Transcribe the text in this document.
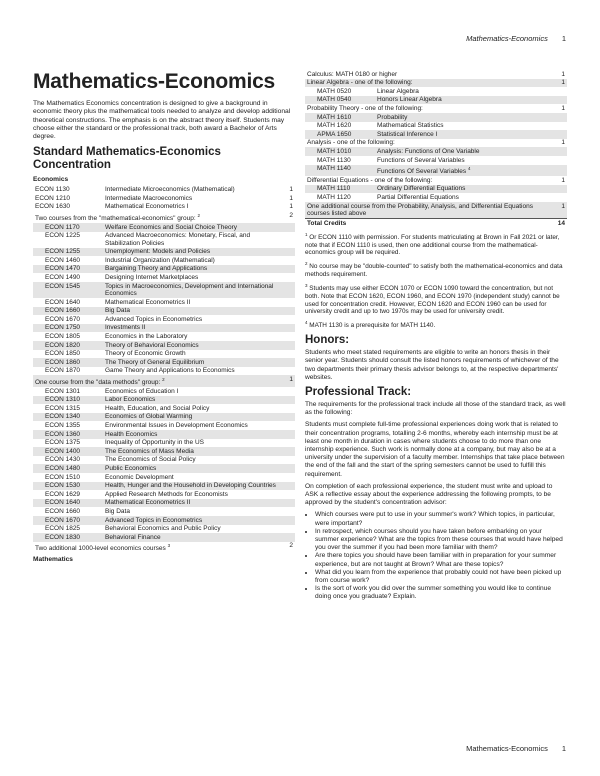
Mathematics-Economics 1
Mathematics-Economics

The Mathematics Economics concentration is designed to give a background in economic theory plus the mathematical tools needed to analyze and develop additional theoretical constructions. The emphasis is on the abstract theory itself. Students may choose either the standard or the professional track, both award a Bachelor of Arts degree.

Standard Mathematics-Economics Concentration
Economics
ECON 1130	Intermediate Microeconomics (Mathematical)	1
ECON 1210	Intermediate Macroeconomics	1
ECON 1630	Mathematical Econometrics I	1
Two courses from the "mathematical-economics" group: $^2$		2
ECON 1170	Welfare Economics and Social Choice Theory	
ECON 1225	Advanced Macroeconomics: Monetary, Fiscal, and Stabilization Policies	
ECON 1255	Unemployment: Models and Policies	
ECON 1460	Industrial Organization (Mathematical)	
ECON 1470	Bargaining Theory and Applications	
ECON 1490	Designing Internet Marketplaces	
ECON 1545	Topics in Macroeconomics, Development and International Economics	
ECON 1640	Mathematical Econometrics II	
ECON 1660	Big Data	
ECON 1670	Advanced Topics in Econometrics	
ECON 1750	Investments II	
ECON 1805	Economics in the Laboratory	
ECON 1820	Theory of Behavioral Economics	
ECON 1850	Theory of Economic Growth	
ECON 1860	The Theory of General Equilibrium	
ECON 1870	Game Theory and Applications to Economics	
One course from the "data methods" group: $^2$		1
ECON 1301	Economics of Education I	
ECON 1310	Labor Economics	
ECON 1315	Health, Education, and Social Policy	
ECON 1340	Economics of Global Warming	
ECON 1355	Environmental Issues in Development Economics	
ECON 1360	Health Economics	
ECON 1375	Inequality of Opportunity in the US	
ECON 1400	The Economics of Mass Media	
ECON 1430	The Economics of Social Policy	
ECON 1480	Public Economics	
ECON 1510	Economic Development	
ECON 1530	Health, Hunger and the Household in Developing Countries	
ECON 1629	Applied Research Methods for Economists	
ECON 1640	Mathematical Econometrics II	
ECON 1660	Big Data	
ECON 1670	Advanced Topics in Econometrics	
ECON 1825	Behavioral Economics and Public Policy	
ECON 1830	Behavioral Finance	
Two additional 1000-level economics courses $^3$		2
Mathematics
Calculus: MATH 0180 or higher		1
Linear Algebra - one of the following:		1
MATH 0520	Linear Algebra	
MATH 0540	Honors Linear Algebra	
Probability Theory - one of the following:		1
MATH 1610	Probability	
MATH 1620	Mathematical Statistics	
APMA 1650	Statistical Inference I	
Analysis - one of the following:		1
MATH 1010	Analysis: Functions of One Variable	
MATH 1130	Functions of Several Variables	
MATH 1140	Functions Of Several Variables $^4$	
Differential Equations - one of the following:		1
MATH 1110	Ordinary Differential Equations	
MATH 1120	Partial Differential Equations	
One additional course from the Probability, Analysis, and Differential Equations courses listed above		1
Total Credits		14

$^1$ Or ECON 1110 with permission. For students matriculating at Brown in Fall 2021 or later, note that if ECON 1110 is used, then one additional course from the mathematical-economics group will be required.

$^2$ No course may be "double-counted" to satisfy both the mathematical-economics and data methods requirement.

$^3$ Students may use either ECON 1070 or ECON 1090 toward the concentration, but not both. Note that ECON 1620, ECON 1960, and ECON 1970 (independent study) cannot be used for concentration credit. However, ECON 1620 and ECON 1960 can be used for university credit and up to two 1970s may be used for university credit.

$^4$ MATH 1130 is a prerequisite for MATH 1140.

Honors:

Students who meet stated requirements are eligible to write an honors thesis in their senior year. Students should consult the listed honors requirements of whichever of the two departments their primary thesis advisor belongs to, at the respective departments' websites.

Professional Track:

The requirements for the professional track include all those of the standard track, as well as the following:

Students must complete full-time professional experiences doing work that is related to their concentration programs, totalling 2-6 months, whereby each internship must be at least one month in duration in cases where students choose to do more than one internship experience. Such work is normally done at a company, but may also be at a university under the supervision of a faculty member. Internships that take place between the end of the fall and the start of the spring semesters cannot be used to fulfill this requirement.

On completion of each professional experience, the student must write and upload to ASK a reflective essay about the experience addressing the following prompts, to be approved by the student's concentration advisor:

• Which courses were put to use in your summer's work? Which topics, in particular, were important?
• In retrospect, which courses should you have taken before embarking on your summer experience? What are the topics from these courses that would have helped you over the summer if you had been more familiar with them?
• Are there topics you should have been familiar with in preparation for your summer experience, but are not taught at Brown? What are these topics?
• What did you learn from the experience that probably could not have been picked up from course work?
• Is the sort of work you did over the summer something you would like to continue doing once you graduate? Explain.
Mathematics-Economics 1
